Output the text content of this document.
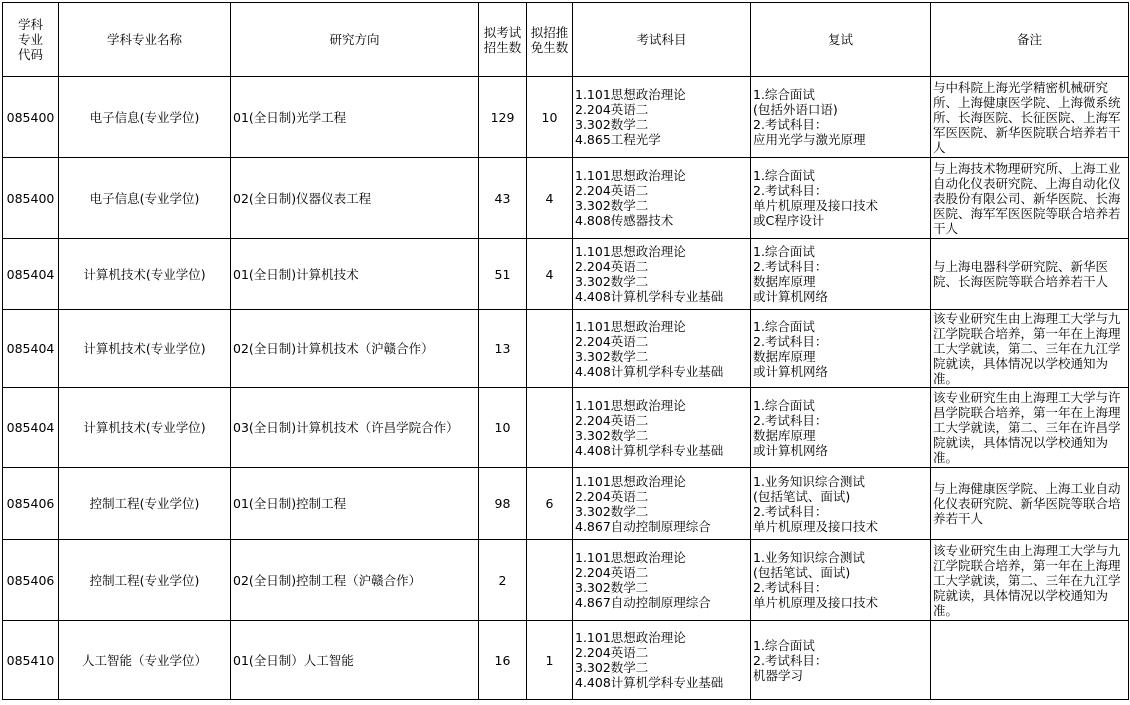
学科
专业
代码	学科专业名称	研究方向	拟考试
招生数	拟招推
免生数	考试科目	复试	备注
085400	电子信息(专业学位)	01(全日制)光学工程	129	10	1.101思想政治理论
2.204英语二
3.302数学二
4.865工程光学	1.综合面试
(包括外语口语)
2.考试科目：
应用光学与激光原理	与中科院上海光学精密机械研究所、上海健康医学院、上海微系统所、长海医院、长征医院、上海军军医医院、新华医院联合培养若干人
085400	电子信息(专业学位)	02(全日制)仪器仪表工程	43	4	1.101思想政治理论
2.204英语二
3.302数学二
4.808传感器技术	1.综合面试
2.考试科目：
单片机原理及接口技术
或C程序设计	与上海技术物理研究所、上海工业自动化仪表研究院、上海自动化仪表股份有限公司、新华医院、长海医院、海军军医医院等联合培养若干人
085404	计算机技术(专业学位)	01(全日制)计算机技术	51	4	1.101思想政治理论
2.204英语二
3.302数学二
4.408计算机学科专业基础	1.综合面试
2.考试科目：
数据库原理
或计算机网络	与上海电器科学研究院、新华医院、长海医院等联合培养若干人
085404	计算机技术(专业学位)	02(全日制)计算机技术（沪赣合作）	13		1.101思想政治理论
2.204英语二
3.302数学二
4.408计算机学科专业基础	1.综合面试
2.考试科目：
数据库原理
或计算机网络	该专业研究生由上海理工大学与九江学院联合培养，第一年在上海理工大学就读，第二、三年在九江学院就读，具体情况以学校通知为准。
085404	计算机技术(专业学位)	03(全日制)计算机技术（许昌学院合作）	10		1.101思想政治理论
2.204英语二
3.302数学二
4.408计算机学科专业基础	1.综合面试
2.考试科目：
数据库原理
或计算机网络	该专业研究生由上海理工大学与许昌学院联合培养，第一年在上海理工大学就读，第二、三年在许昌学院就读，具体情况以学校通知为准。
085406	控制工程(专业学位)	01(全日制)控制工程	98	6	1.101思想政治理论
2.204英语二
3.302数学二
4.867自动控制原理综合	1.业务知识综合测试
(包括笔试、面试)
2.考试科目：
单片机原理及接口技术	与上海健康医学院、上海工业自动化仪表研究院、新华医院等联合培养若干人
085406	控制工程(专业学位)	02(全日制)控制工程（沪赣合作）	2		1.101思想政治理论
2.204英语二
3.302数学二
4.867自动控制原理综合	1.业务知识综合测试
(包括笔试、面试)
2.考试科目：
单片机原理及接口技术	该专业研究生由上海理工大学与九江学院联合培养，第一年在上海理工大学就读，第二、三年在九江学院就读，具体情况以学校通知为准。
085410	人工智能（专业学位）	01(全日制）人工智能	16	1	1.101思想政治理论
2.204英语二
3.302数学二
4.408计算机学科专业基础	1.综合面试
2.考试科目：
机器学习	
